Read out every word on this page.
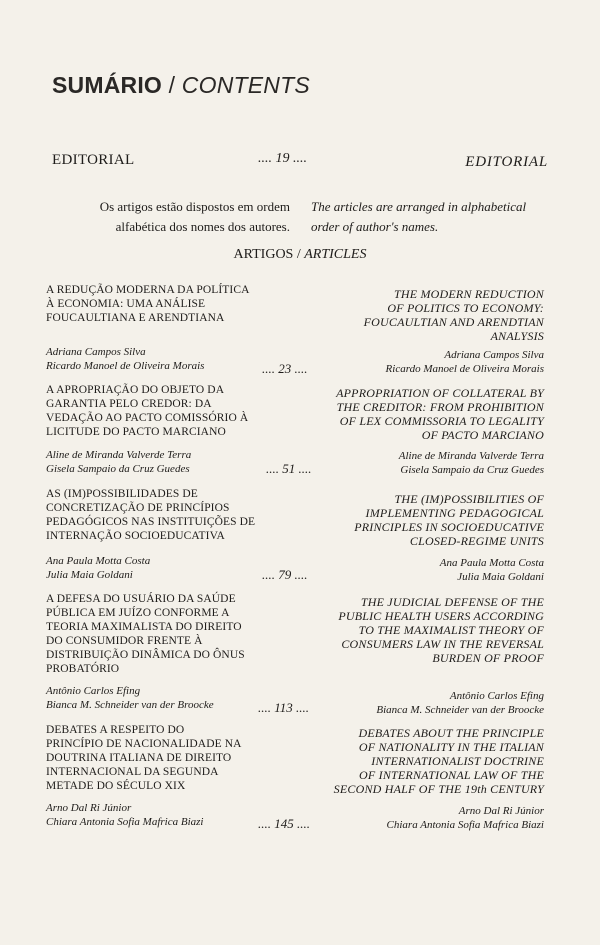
SUMÁRIO / CONTENTS
EDITORIAL	.... 19 ....	EDITORIAL
Os artigos estão dispostos em ordem
alfabética dos nomes dos autores.
The articles are arranged in alphabetical
order of author's names.
ARTIGOS / ARTICLES
A REDUÇÃO MODERNA DA POLÍTICA
À ECONOMIA: UMA ANÁLISE
FOUCAULTIANA E ARENDTIANA
THE MODERN REDUCTION
OF POLITICS TO ECONOMY:
FOUCAULTIAN AND ARENDTIAN
ANALYSIS
Adriana Campos Silva
Ricardo Manoel de Oliveira Morais
Adriana Campos Silva
Ricardo Manoel de Oliveira Morais
.... 23 ....
A APROPRIAÇÃO DO OBJETO DA
GARANTIA PELO CREDOR: DA
VEDAÇÃO AO PACTO COMISSÓRIO À
LICITUDE DO PACTO MARCIANO
APPROPRIATION OF COLLATERAL BY
THE CREDITOR: FROM PROHIBITION
OF LEX COMMISSORIA TO LEGALITY
OF PACTO MARCIANO
Aline de Miranda Valverde Terra
Gisela Sampaio da Cruz Guedes
Aline de Miranda Valverde Terra
Gisela Sampaio da Cruz Guedes
.... 51 ....
AS (IM)POSSIBILIDADES DE
CONCRETIZAÇÃO DE PRINCÍPIOS
PEDAGÓGICOS NAS INSTITUIÇÕES DE
INTERNAÇÃO SOCIOEDUCATIVA
THE (IM)POSSIBILITIES OF
IMPLEMENTING PEDAGOGICAL
PRINCIPLES IN SOCIOEDUCATIVE
CLOSED-REGIME UNITS
Ana Paula Motta Costa
Julia Maia Goldani
Ana Paula Motta Costa
Julia Maia Goldani
.... 79 ....
A DEFESA DO USUÁRIO DA SAÚDE
PÚBLICA EM JUÍZO CONFORME A
TEORIA MAXIMALISTA DO DIREITO
DO CONSUMIDOR FRENTE À
DISTRIBUIÇÃO DINÂMICA DO ÔNUS
PROBATÓRIO
THE JUDICIAL DEFENSE OF THE
PUBLIC HEALTH USERS ACCORDING
TO THE MAXIMALIST THEORY OF
CONSUMERS LAW IN THE REVERSAL
BURDEN OF PROOF
Antônio Carlos Efing
Bianca M. Schneider van der Broocke
Antônio Carlos Efing
Bianca M. Schneider van der Broocke
.... 113 ....
DEBATES A RESPEITO DO
PRINCÍPIO DE NACIONALIDADE NA
DOUTRINA ITALIANA DE DIREITO
INTERNACIONAL DA SEGUNDA
METADE DO SÉCULO XIX
DEBATES ABOUT THE PRINCIPLE
OF NATIONALITY IN THE ITALIAN
INTERNATIONALIST DOCTRINE
OF INTERNATIONAL LAW OF THE
SECOND HALF OF THE 19th CENTURY
Arno Dal Ri Júnior
Chiara Antonia Sofia Mafrica Biazi
Arno Dal Ri Júnior
Chiara Antonia Sofia Mafrica Biazi
.... 145 ....
